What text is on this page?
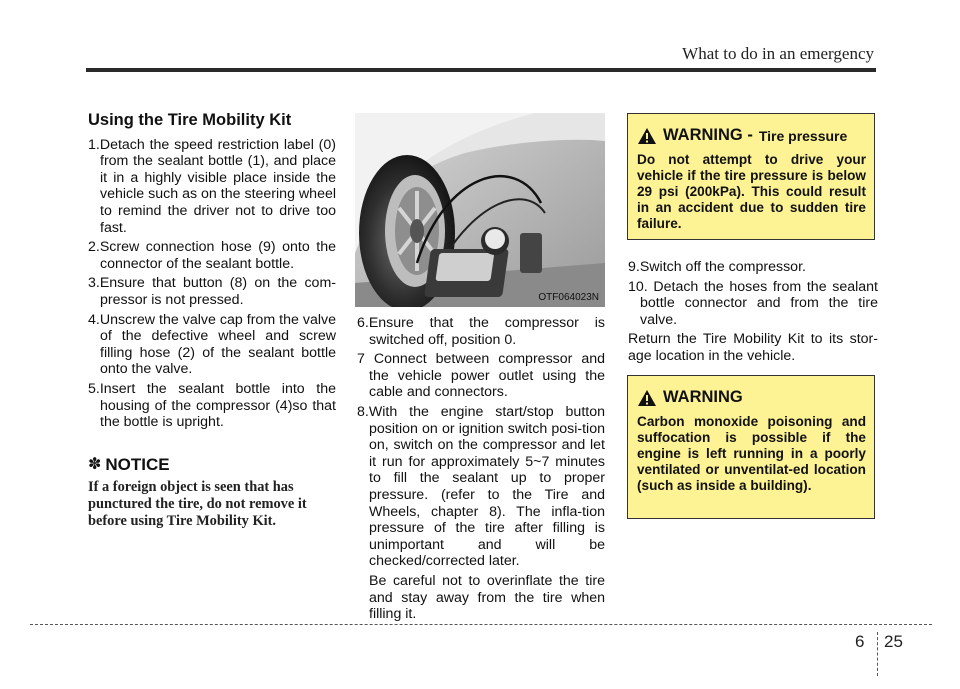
What to do in an emergency
Using the Tire Mobility Kit
1.Detach the speed restriction label (0) from the sealant bottle (1), and place it in a highly visible place inside the vehicle such as on the steering wheel to remind the driver not to drive too fast.
2.Screw connection hose (9) onto the connector of the sealant bottle.
3.Ensure that button (8) on the com-pressor is not pressed.
4.Unscrew the valve cap from the valve of the defective wheel and screw filling hose (2) of the sealant bottle onto the valve.
5.Insert the sealant bottle into the housing of the compressor (4)so that the bottle is upright.
✽ NOTICE
If a foreign object is seen that has punctured the tire, do not remove it before using Tire Mobility Kit.
OTF064023N
6.Ensure that the compressor is switched off, position 0.
7 Connect between compressor and the vehicle power outlet using the cable and connectors.
8.With the engine start/stop button position on or ignition switch posi-tion on, switch on the compressor and let it run for approximately 5~7 minutes to fill the sealant up to proper pressure. (refer to the Tire and Wheels, chapter 8). The infla-tion pressure of the tire after filling is unimportant and will be checked/corrected later.

Be careful not to overinflate the tire and stay away from the tire when filling it.

WARNING - Tire pressure
Do not attempt to drive your vehicle if the tire pressure is below 29 psi (200kPa). This could result in an accident due to sudden tire failure.
9.Switch off the compressor.
10. Detach the hoses from the sealant bottle connector and from the tire valve.

Return the Tire Mobility Kit to its stor-age location in the vehicle.

WARNING
Carbon monoxide poisoning and suffocation is possible if the engine is left running in a poorly ventilated or unventilat-ed location (such as inside a building).
6 25
